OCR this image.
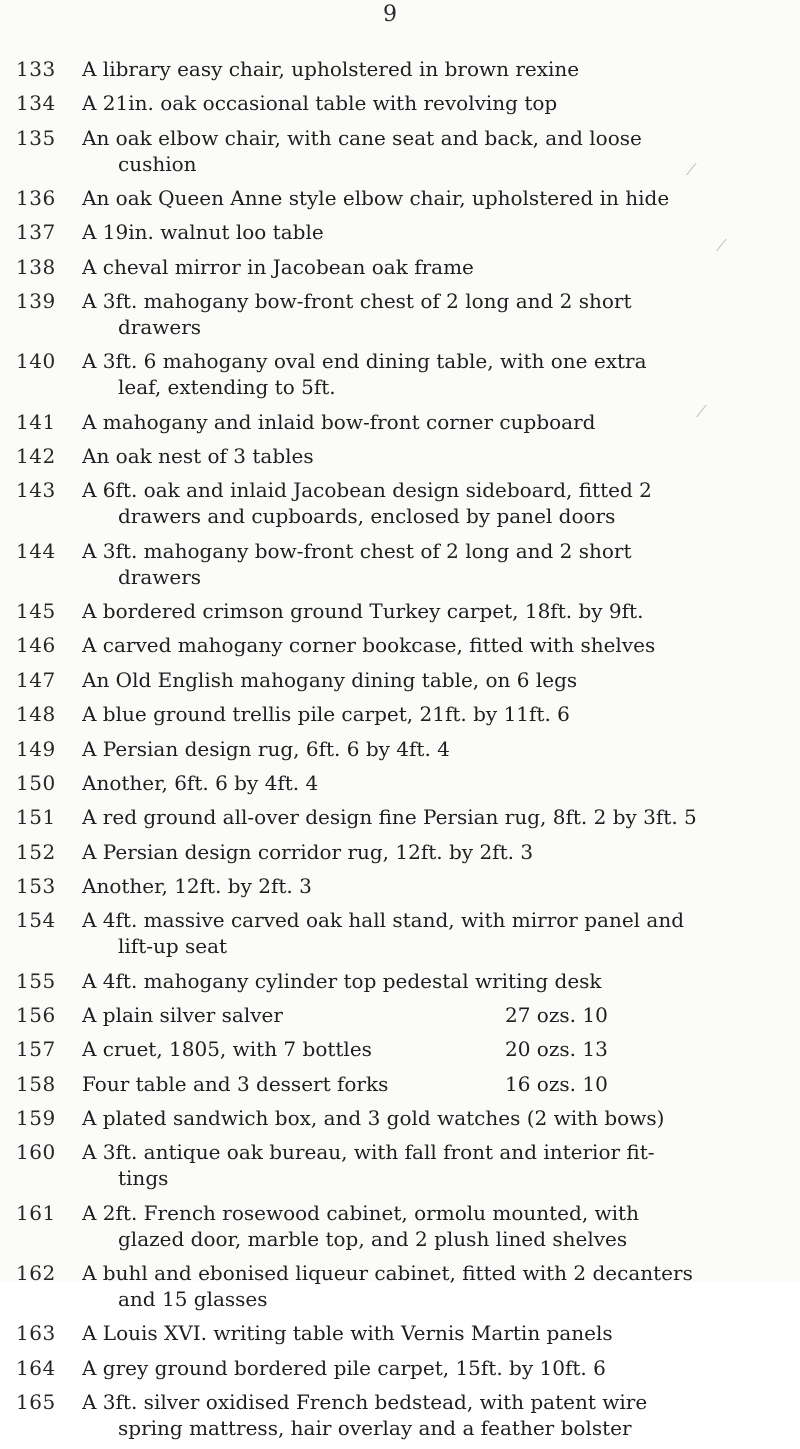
9
133 A library easy chair, upholstered in brown rexine
134 A 21in. oak occasional table with revolving top
135 An oak elbow chair, with cane seat and back, and loose
cushion
136 An oak Queen Anne style elbow chair, upholstered in hide
137 A 19in. walnut loo table
138 A cheval mirror in Jacobean oak frame
139 A 3ft. mahogany bow-front chest of 2 long and 2 short
drawers
140 A 3ft. 6 mahogany oval end dining table, with one extra
leaf, extending to 5ft.
141 A mahogany and inlaid bow-front corner cupboard
142 An oak nest of 3 tables
143 A 6ft. oak and inlaid Jacobean design sideboard, fitted 2
drawers and cupboards, enclosed by panel doors
144 A 3ft. mahogany bow-front chest of 2 long and 2 short
drawers
145 A bordered crimson ground Turkey carpet, 18ft. by 9ft.
146 A carved mahogany corner bookcase, fitted with shelves
147 An Old English mahogany dining table, on 6 legs
148 A blue ground trellis pile carpet, 21ft. by 11ft. 6
149 A Persian design rug, 6ft. 6 by 4ft. 4
150 Another, 6ft. 6 by 4ft. 4
151 A red ground all-over design fine Persian rug, 8ft. 2 by 3ft. 5
152 A Persian design corridor rug, 12ft. by 2ft. 3
153 Another, 12ft. by 2ft. 3
154 A 4ft. massive carved oak hall stand, with mirror panel and
lift-up seat
155 A 4ft. mahogany cylinder top pedestal writing desk
156 A plain silver salver	27 ozs. 10
157 A cruet, 1805, with 7 bottles	20 ozs. 13
158 Four table and 3 dessert forks	16 ozs. 10
159 A plated sandwich box, and 3 gold watches (2 with bows)
160 A 3ft. antique oak bureau, with fall front and interior fit-
tings
161 A 2ft. French rosewood cabinet, ormolu mounted, with
glazed door, marble top, and 2 plush lined shelves
162 A buhl and ebonised liqueur cabinet, fitted with 2 decanters
and 15 glasses
163 A Louis XVI. writing table with Vernis Martin panels
164 A grey ground bordered pile carpet, 15ft. by 10ft. 6
165 A 3ft. silver oxidised French bedstead, with patent wire
spring mattress, hair overlay and a feather bolster
⁄
⁄
⁄
